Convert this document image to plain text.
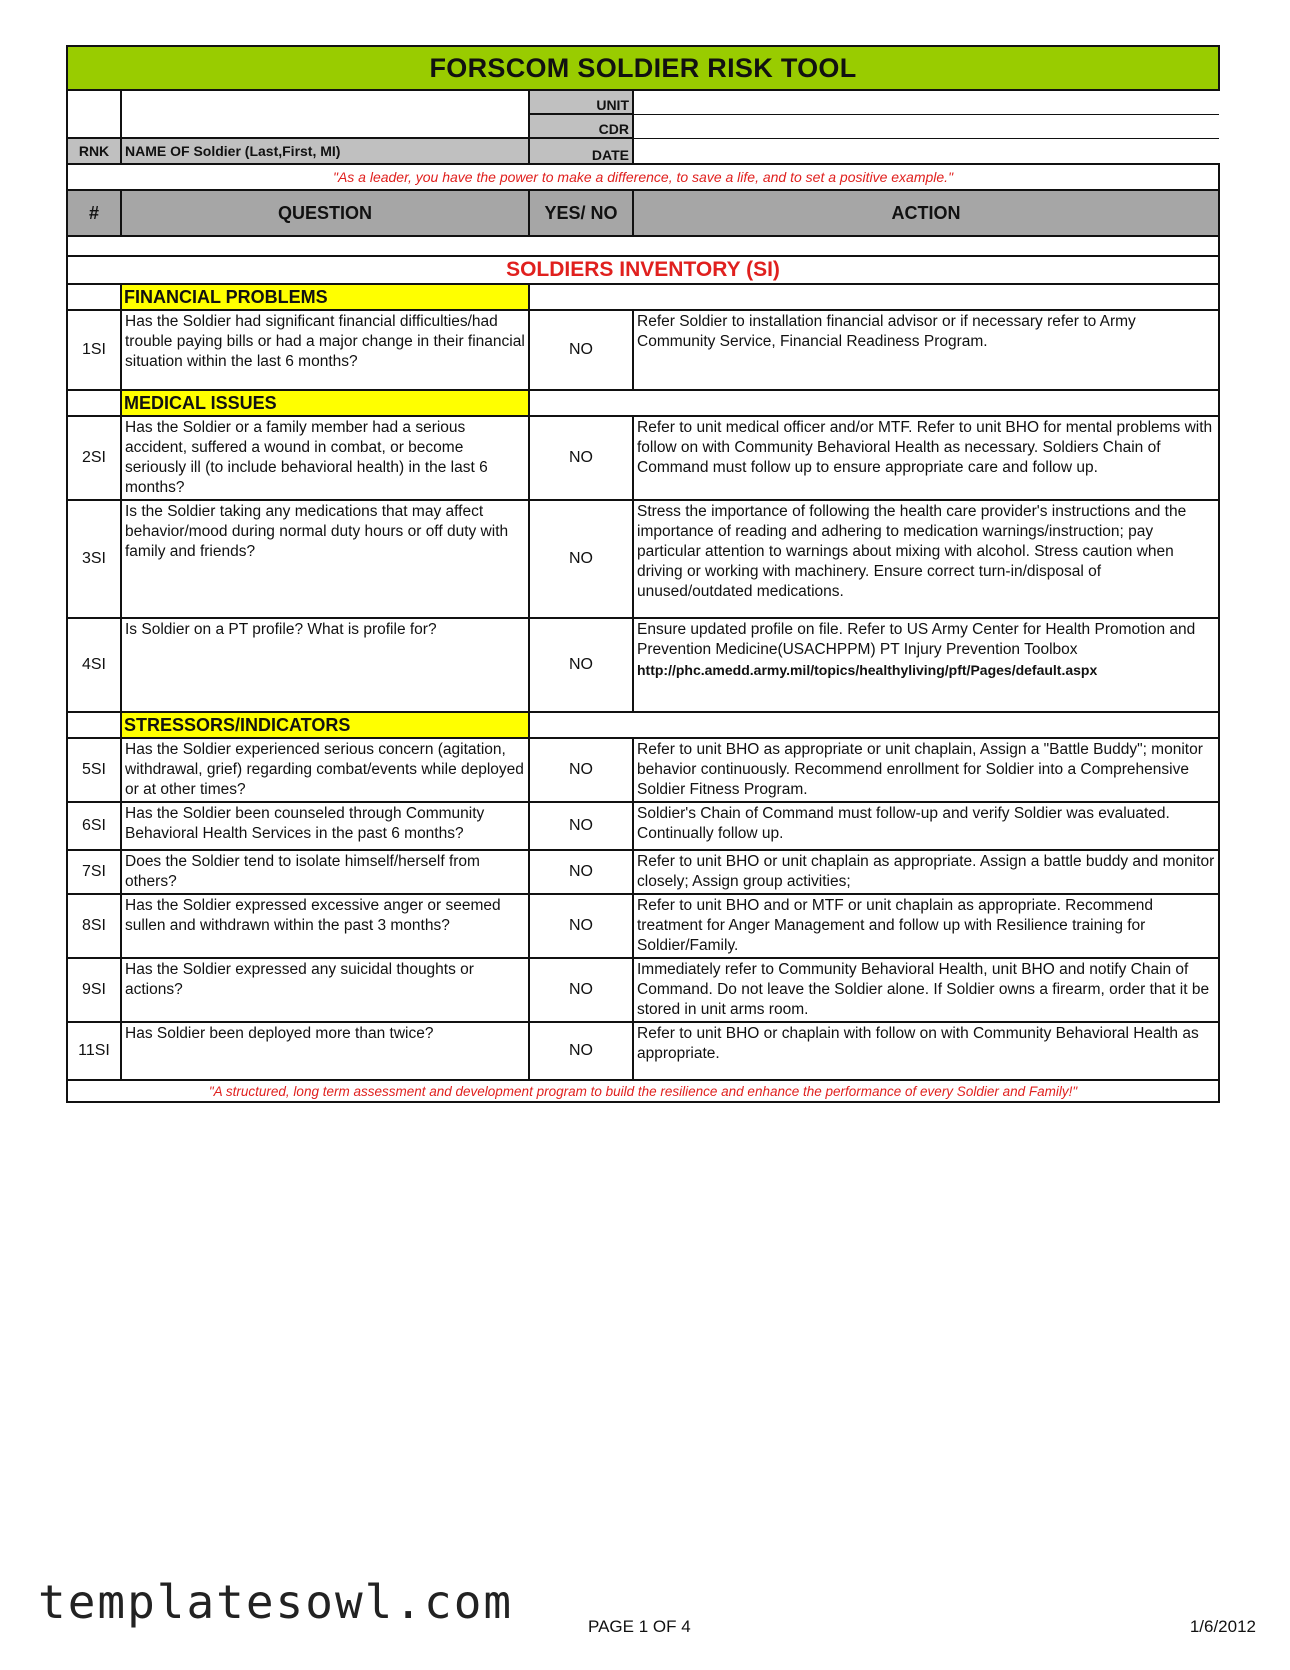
FORSCOM SOLDIER RISK TOOL			
		UNIT	
		CDR	
RNK	NAME OF Soldier (Last,First, MI)	DATE	
"As a leader, you have the power to make a difference, to save a life, and to set a positive example."			
#	QUESTION	YES/ NO	ACTION

SOLDIERS INVENTORY (SI)			
	FINANCIAL PROBLEMS		
1SI	Has the Soldier had significant financial difficulties/had trouble paying bills or had a major change in their financial situation within the last 6 months?	NO	Refer Soldier to installation financial advisor or if necessary refer to Army Community Service, Financial Readiness Program.
	MEDICAL ISSUES		
2SI	Has the Soldier or a family member had a serious accident, suffered a wound in combat, or become seriously ill (to include behavioral health) in the last 6 months?	NO	Refer to unit medical officer and/or MTF. Refer to unit BHO for mental problems with follow on with Community Behavioral Health as necessary. Soldiers Chain of Command must follow up to ensure appropriate care and follow up.
3SI	Is the Soldier taking any medications that may affect behavior/mood during normal duty hours or off duty with family and friends?	NO	Stress the importance of following the health care provider's instructions and the importance of reading and adhering to medication warnings/instruction; pay particular attention to warnings about mixing with alcohol. Stress caution when driving or working with machinery. Ensure correct turn-in/disposal of unused/outdated medications.
4SI	Is Soldier on a PT profile? What is profile for?	NO	Ensure updated profile on file. Refer to US Army Center for Health Promotion and Prevention Medicine(USACHPPM) PT Injury Prevention Toolbox
http://phc.amedd.army.mil/topics/healthyliving/pft/Pages/default.aspx

	STRESSORS/INDICATORS		
5SI	Has the Soldier experienced serious concern (agitation, withdrawal, grief) regarding combat/events while deployed or at other times?	NO	Refer to unit BHO as appropriate or unit chaplain, Assign a "Battle Buddy"; monitor behavior continuously. Recommend enrollment for Soldier into a Comprehensive Soldier Fitness Program.
6SI	Has the Soldier been counseled through Community Behavioral Health Services in the past 6 months?	NO	Soldier's Chain of Command must follow-up and verify Soldier was evaluated. Continually follow up.
7SI	Does the Soldier tend to isolate himself/herself from others?	NO	Refer to unit BHO or unit chaplain as appropriate. Assign a battle buddy and monitor closely; Assign group activities;
8SI	Has the Soldier expressed excessive anger or seemed sullen and withdrawn within the past 3 months?	NO	Refer to unit BHO and or MTF or unit chaplain as appropriate. Recommend treatment for Anger Management and follow up with Resilience training for Soldier/Family.
9SI	Has the Soldier expressed any suicidal thoughts or actions?	NO	Immediately refer to Community Behavioral Health, unit BHO and notify Chain of Command. Do not leave the Soldier alone. If Soldier owns a firearm, order that it be stored in unit arms room.
11SI	Has Soldier been deployed more than twice?	NO	Refer to unit BHO or chaplain with follow on with Community Behavioral Health as appropriate.
"A structured, long term assessment and development program to build the resilience and enhance the performance of every Soldier and Family!"			
templatesowl.com	PAGE 1 OF 4	1/6/2012
